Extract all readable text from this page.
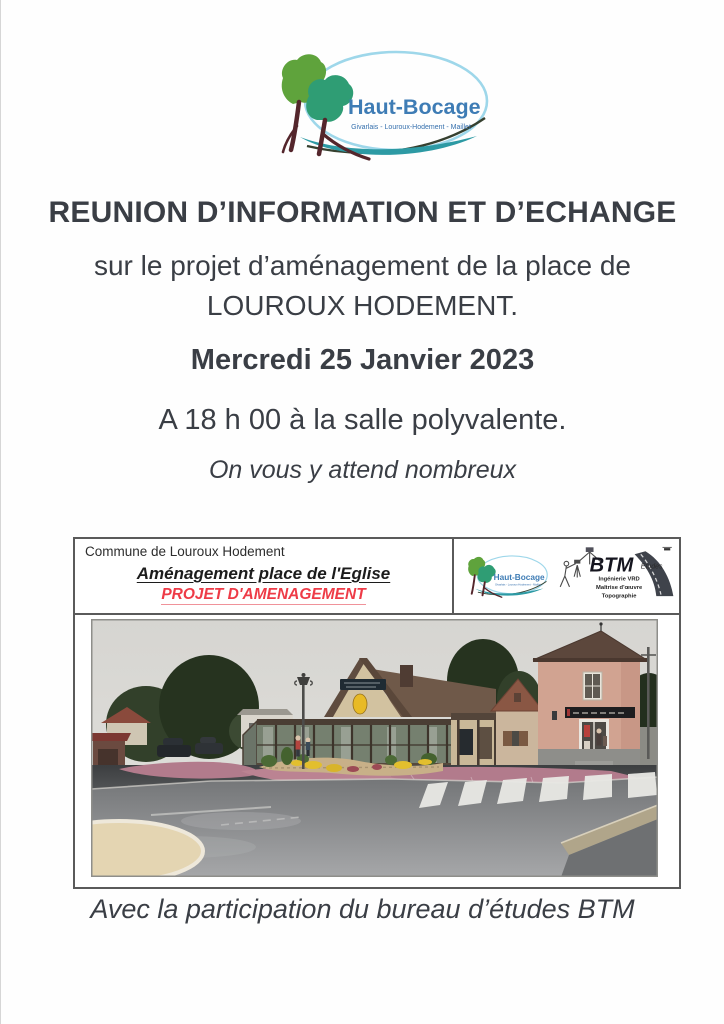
Haut-Bocage
Givarlais - Louroux-Hodement - Maillet
REUNION D’INFORMATION ET D’ECHANGE
sur le projet d’aménagement de la place de
LOUROUX HODEMENT.
Mercredi 25 Janvier 2023
A 18 h 00 à la salle polyvalente.
On vous y attend nombreux
Commune de Louroux Hodement
Aménagement place de l'Eglise
PROJET D'AMENAGEMENT
Haut-Bocage
Givarlais - Louroux-Hodement - Maillet
BTM Etudes
Ingénierie VRD
Maîtrise d'œuvre
Topographie
Avec la participation du bureau d’études BTM
